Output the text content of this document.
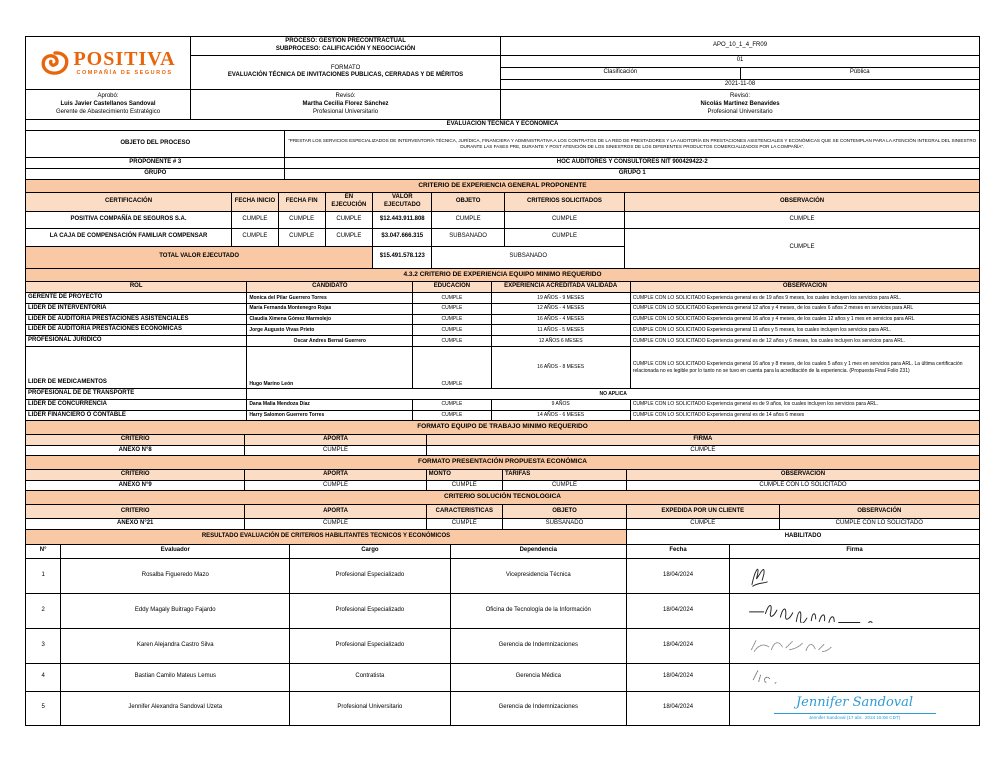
POSITIVA
COMPAÑÍA DE SEGUROS

PROCESO: GESTIÓN PRECONTRACTUAL
SUBPROCESO: CALIFICACIÓN Y NEGOCIACIÓN
	APO_10_1_4_FR09

	FORMATO
EVALUACIÓN TÉCNICA DE INVITACIONES PUBLICAS, CERRADAS Y DE MÉRITOS	01	
		Clasificación	Pública
		2021-11-08	

Aprobó:
Luis Javier Castellanos Sandoval
Gerente de Abastecimiento Estratégico

Revisó:
Martha Cecilia Florez Sánchez
Profesional Universitario

Revisó:
Nicolás Martinez Benavides
Profesional Universitario
EVALUACIÓN TÉCNICA Y ECONÓMICA	
OBJETO DEL PROCESO	“PRESTAR LOS SERVICIOS ESPECIALIZADOS DE INTERVENTORÍA TÉCNICA, JURÍDICA, FINANCIERA Y ADMINISTRATIVA A LOS CONTRATOS DE LA RED DE PRESTADORES Y LA AUDITORÍA EN PRESTACIONES ASISTENCIALES Y ECONÓMICAS QUE SE CONTEMPLAN PARA LA ATENCIÓN INTEGRAL DEL SINIESTRO DURANTE LAS FASES PRE, DURANTE Y POST ATENCIÓN DE LOS SINIESTROS DE LOS DIFERENTES PRODUCTOS COMERCIALIZADOS POR LA COMPAÑÍA”.
PROPONENTE # 3	HOC AUDITORES Y CONSULTORES NIT 900429422-2
GRUPO	GRUPO 1
CRITERIO DE EXPERIENCIA GENERAL PROPONENTE							
CERTIFICACIÓN	FECHA INICIO	FECHA FIN	EN EJECUCIÓN	VALOR EJECUTADO	OBJETO	CRITERIOS SOLICITADOS	OBSERVACIÓN
POSITIVA COMPAÑÍA DE SEGUROS S.A.	CUMPLE	CUMPLE	CUMPLE	$12.443.911.808	CUMPLE	CUMPLE	CUMPLE
LA CAJA DE COMPENSACIÓN FAMILIAR COMPENSAR	CUMPLE	CUMPLE	CUMPLE	$3.047.666.315	SUBSANADO	CUMPLE	CUMPLE
TOTAL VALOR EJECUTADO				$15.491.578.123	SUBSANADO		
4.3.2 CRITERIO DE EXPERIENCIA EQUIPO MINIMO REQUERIDO				
ROL	CANDIDATO	EDUCACIÓN	EXPERIENCIA ACREDITADA VALIDADA	OBSERVACIÓN
GERENTE DE PROYECTO	Monica del Pilar Guerrero Torres	CUMPLE	19 AÑOS - 9 MESES	CUMPLE CON LO SOLICITADO Experiencia general es de 19 años 9 meses, los cuales incluyen los servicios para ARL.
LIDER DE INTERVENTORIA	María Fernanda Montenegro Rojas	CUMPLE	12 AÑOS - 4 MESES	CUMPLE CON LO SOLICITADO Experiencia general 12 años y 4 meses, de los cuales 6 años 2 meses en servicios para ARL
LIDER DE AUDITORIA PRESTACIONES ASISTENCIALES	Claudia Ximena Gómez Marmolejo	CUMPLE	16 AÑOS - 4 MESES	CUMPLE CON LO SOLICITADO Experiencia general 16 años y 4 meses, de los cuales 12 años y 1 mes en servicios para ARL
LIDER DE AUDITORIA PRESTACIONES ECONOMICAS	Jorge Augusto Vivas Prieto	CUMPLE	11 AÑOS - 5 MESES	CUMPLE CON LO SOLICITADO Experiencia general 11 años y 5 meses, los cuales incluyen los servicios para ARL.
PROFESIONAL JURIDICO	Oscar Andres Bernal Guerrero	CUMPLE	12 AÑOS 6 MESES	CUMPLE CON LO SOLICITADO Experiencia general es de 12 años y 6 meses, los cuales incluyen los servicios para ARL.
LIDER DE MEDICAMENTOS	Hugo Marino León	CUMPLE	16 AÑOS - 8 MESES	CUMPLE CON LO SOLICITADO Experiencia general 16 años y 8 meses, de los cuales 5 años y 1 mes en servicios para ARL. La última certificación relacionada no es legible por lo tanto no se tuvo en cuenta para la acreditación de la experiencia. (Propuesta Final Folio 231)
PROFESIONAL DE DE TRANSPORTE	NO APLICA			
LIDER DE CONCURRENCIA	Dana Malia Mendoza Díaz	CUMPLE	9 AÑOS	CUMPLE CON LO SOLICITADO Experiencia general es de 9 años, los cuales incluyen los servicios para ARL.
LIDER FINANCIERO O CONTABLE	Harry Salomon Guerrero Torres	CUMPLE	14 AÑOS - 6 MESES	CUMPLE CON LO SOLICITADO Experiencia general es de 14 años 6 meses
FORMATO EQUIPO DE TRABAJO MINIMO REQUERIDO		
CRITERIO	APORTA	FIRMA
ANEXO N°8	CUMPLE	CUMPLE
FORMATO PRESENTACIÓN PROPUESTA ECONÓMICA				
CRITERIO	APORTA	MONTO	TARIFAS	OBSERVACIÓN
ANEXO N°9	CUMPLE	CUMPLE	CUMPLE	CUMPLE CON LO SOLICITADO
CRITERIO SOLUCIÓN TECNOLOGICA					
CRITERIO	APORTA	CARACTERISTICAS	OBJETO	EXPEDIDA POR UN CLIENTE	OBSERVACIÓN
ANEXO N°21	CUMPLE	CUMPLE	SUBSANADO	CUMPLE	CUMPLE CON LO SOLICITADO
RESULTADO EVALUACIÓN DE CRITERIOS HABILITANTES TECNICOS Y ECONÓMICOS	HABILITADO
N°	Evaluador	Cargo	Dependencia	Fecha	Firma
1	Rosalba Figueredo Mazo	Profesional Especializado	Vicepresidencia Técnica	18/04/2024	

2	Eddy Magaly Buitrago Fajardo	Profesional Especializado	Oficina de Tecnología de la Información	18/04/2024	

3	Karen Alejandra Castro Silva	Profesional Especializado	Gerencia de Indemnizaciones	18/04/2024	

4	Bastian Camilo Mateus Lemus	Contratista	Gerencia Médica	18/04/2024	

5	Jennifer Alexandra Sandoval Uzeta	Profesional Universitario	Gerencia de Indemnizaciones	18/04/2024	Jennifer Sandoval
Jennifer Sandoval (17 abr.. 2024 15:06 CDT)
